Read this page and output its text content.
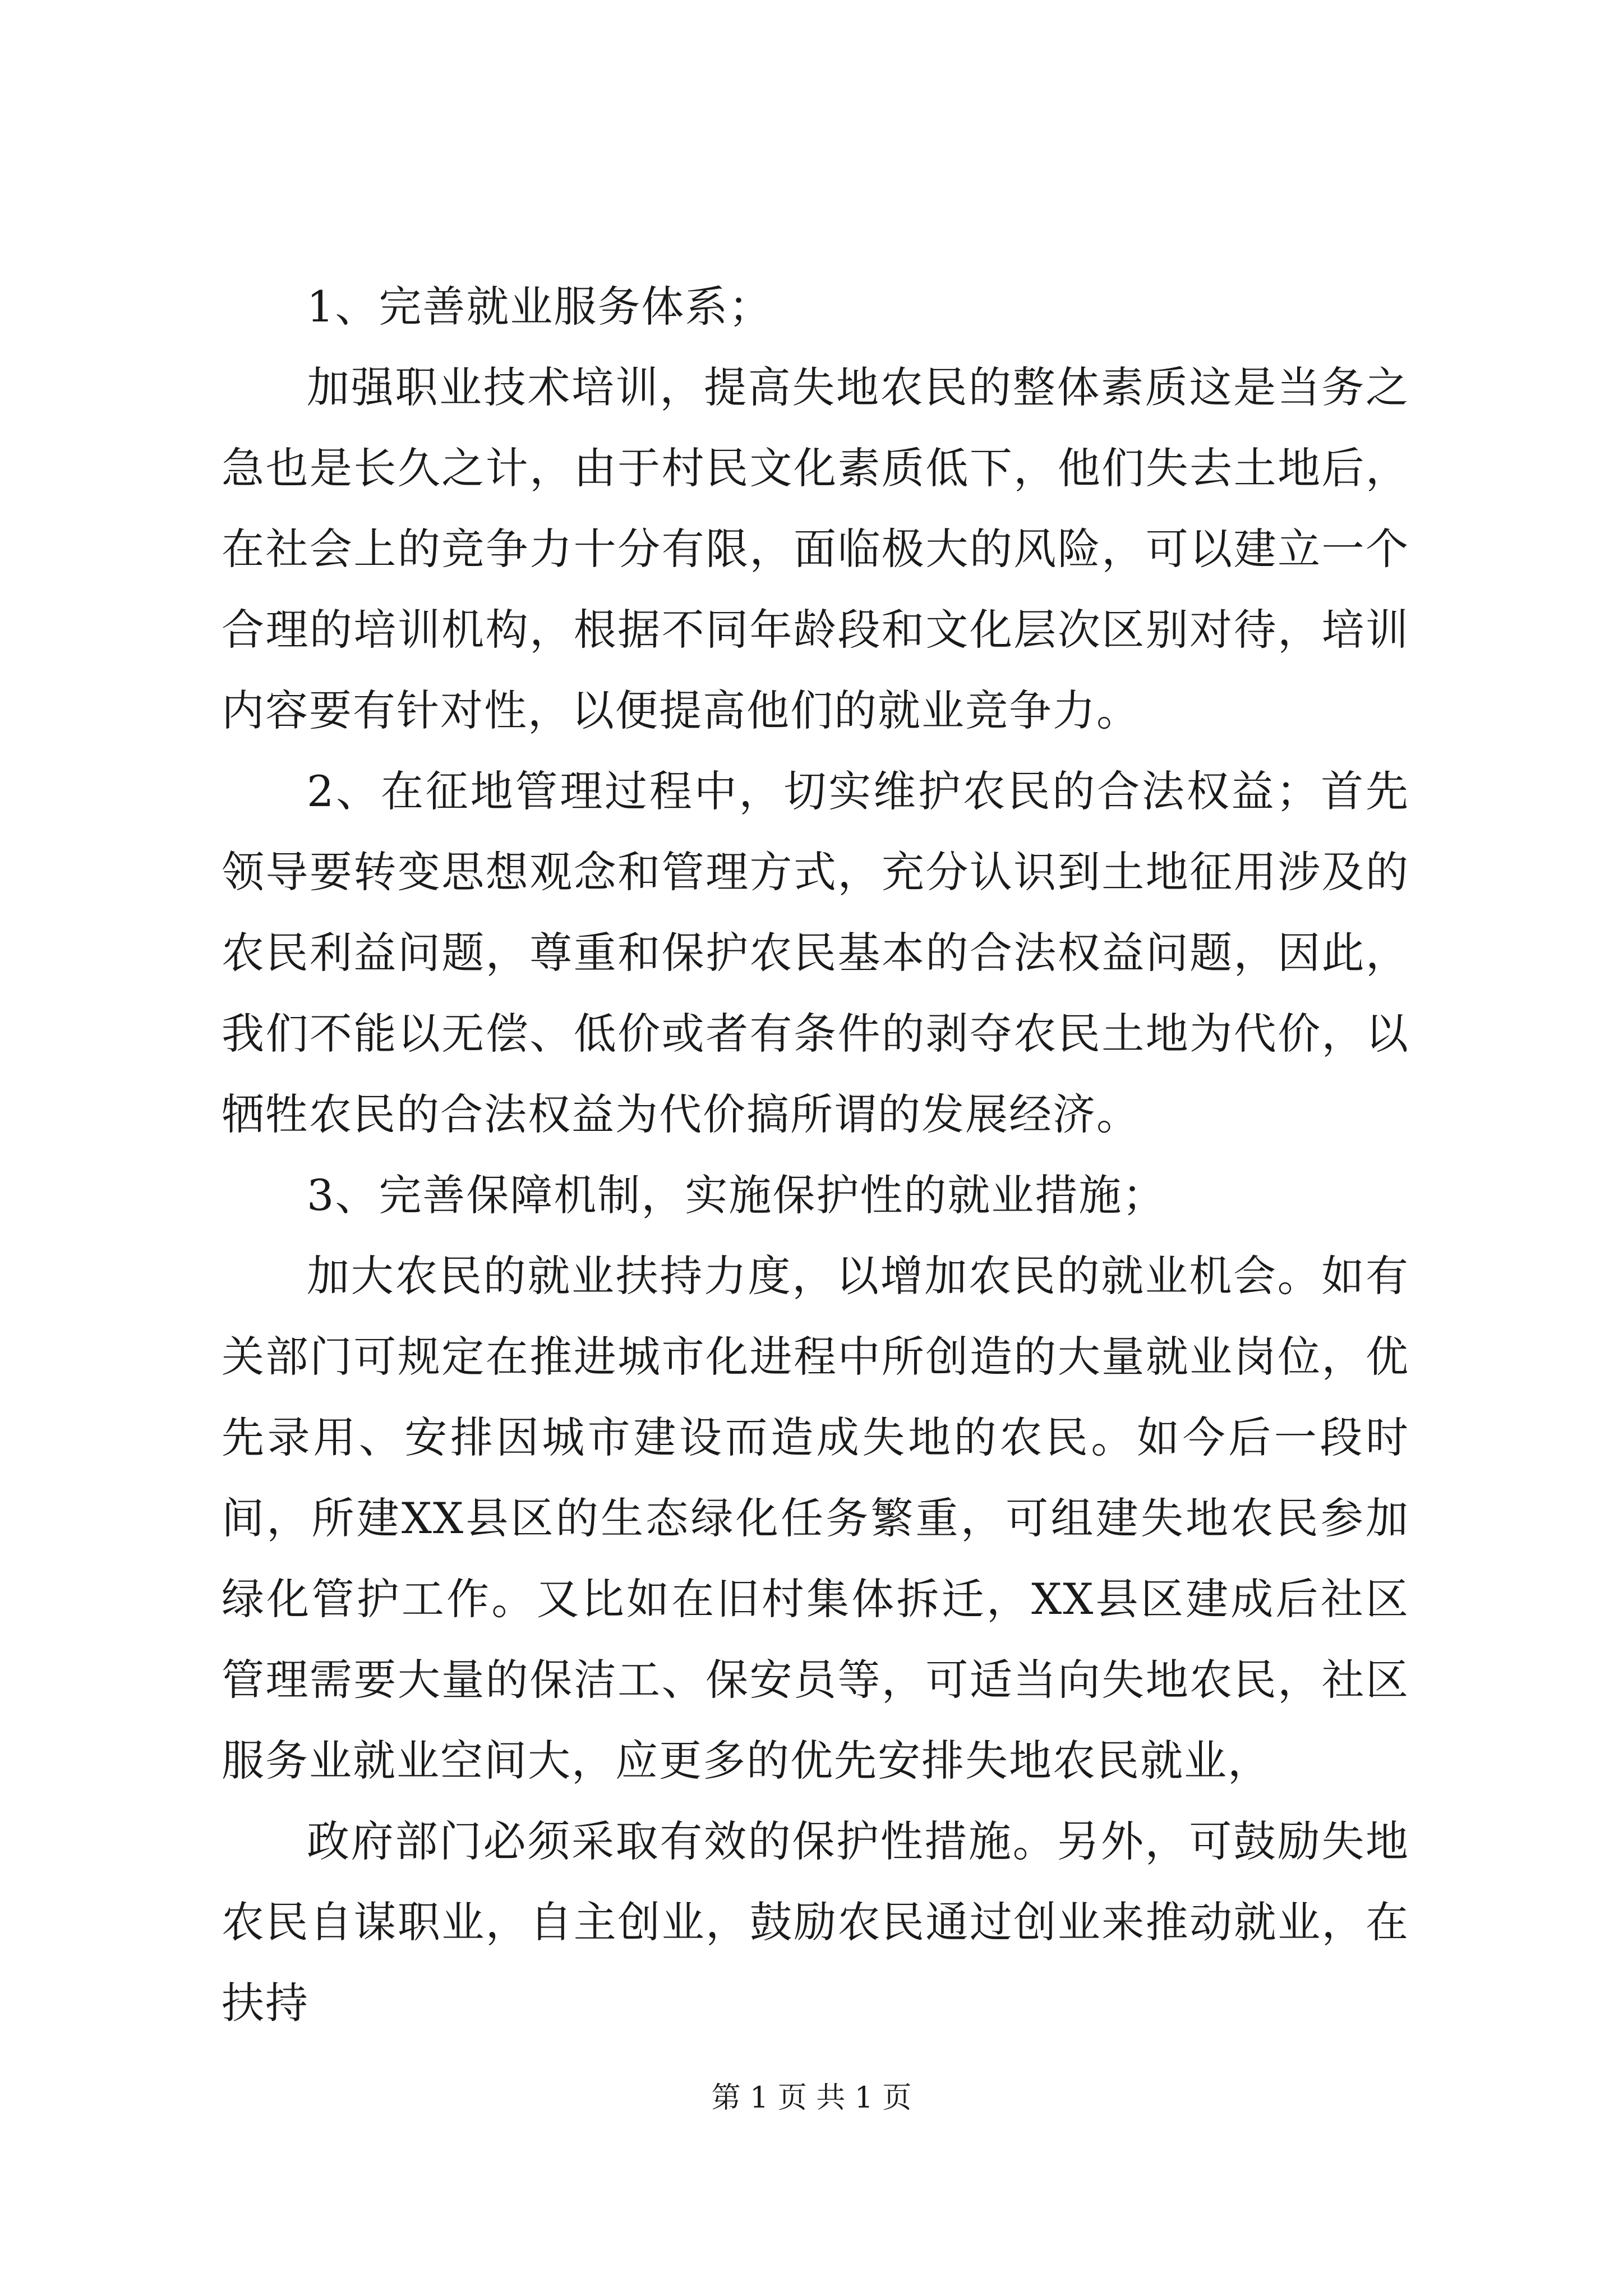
1、完善就业服务体系；

加强职业技术培训，提高失地农民的整体素质这是当务之急也是长久之计，由于村民文化素质低下，他们失去土地后，在社会上的竞争力十分有限，面临极大的风险，可以建立一个合理的培训机构，根据不同年龄段和文化层次区别对待，培训内容要有针对性，以便提高他们的就业竞争力。

2、在征地管理过程中，切实维护农民的合法权益；首先领导要转变思想观念和管理方式，充分认识到土地征用涉及的农民利益问题，尊重和保护农民基本的合法权益问题，因此，我们不能以无偿、低价或者有条件的剥夺农民土地为代价，以牺牲农民的合法权益为代价搞所谓的发展经济。

3、完善保障机制，实施保护性的就业措施；

加大农民的就业扶持力度，以增加农民的就业机会。如有关部门可规定在推进城市化进程中所创造的大量就业岗位，优先录用、安排因城市建设而造成失地的农民。如今后一段时间，所建XX县区的生态绿化任务繁重，可组建失地农民参加绿化管护工作。又比如在旧村集体拆迁，XX县区建成后社区管理需要大量的保洁工、保安员等，可适当向失地农民，社区服务业就业空间大，应更多的优先安排失地农民就业，

政府部门必须采取有效的保护性措施。另外，可鼓励失地农民自谋职业，自主创业，鼓励农民通过创业来推动就业，在扶持

第 1 页 共 1 页
